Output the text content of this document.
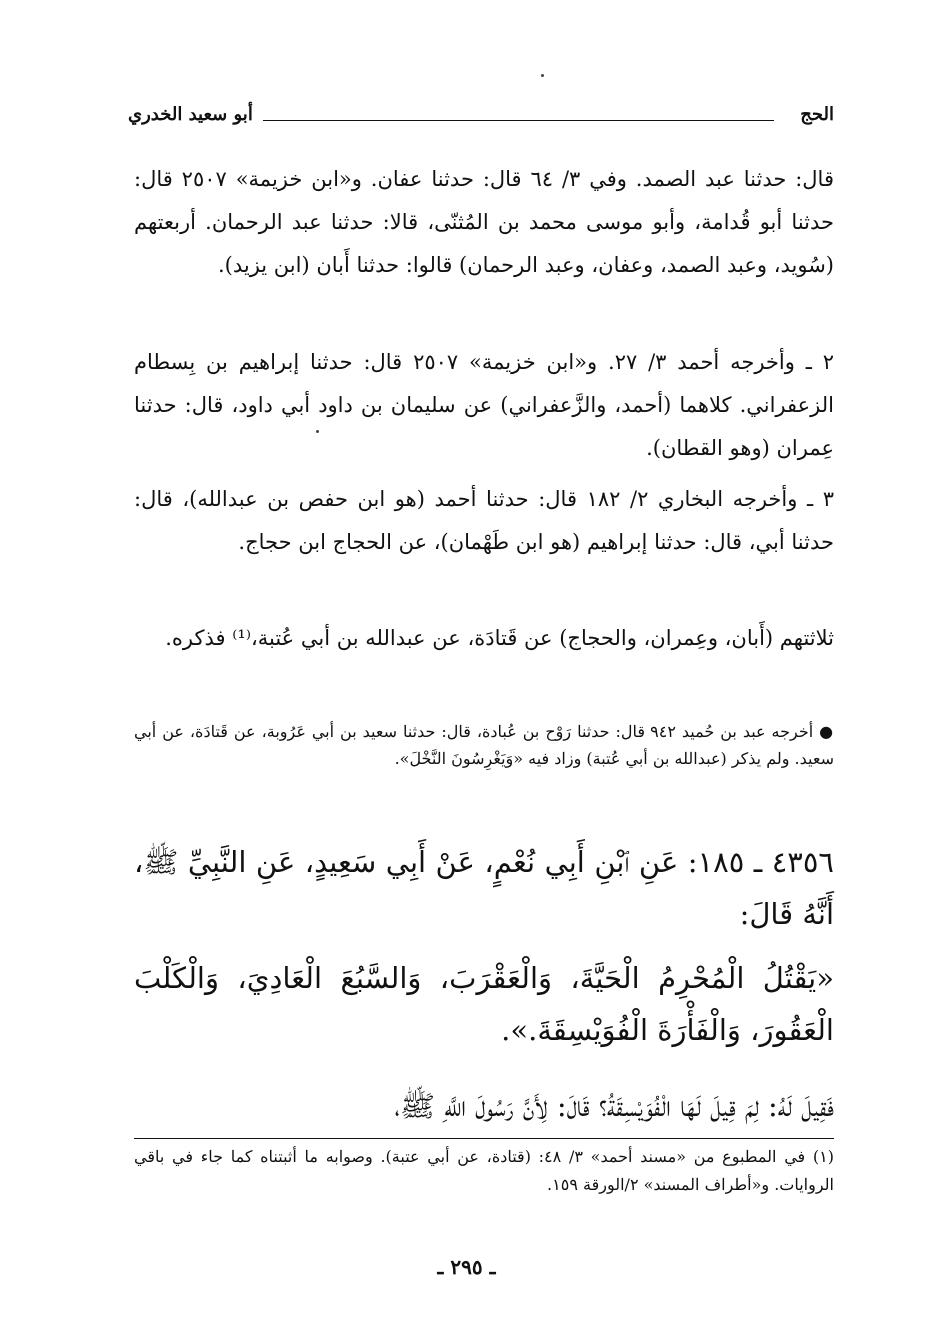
الحج
أبو سعيد الخدري

قال: حدثنا عبد الصمد. وفي ٣/ ٦٤ قال: حدثنا عفان. و«ابن خزيمة» ٢٥٠٧ قال: حدثنا أبو قُدامة، وأبو موسى محمد بن المُثنّى، قالا: حدثنا عبد الرحمان. أربعتهم (سُويد، وعبد الصمد، وعفان، وعبد الرحمان) قالوا: حدثنا أَبان (ابن يزيد).

٢ ـ وأخرجه أحمد ٣/ ٢٧. و«ابن خزيمة» ٢٥٠٧ قال: حدثنا إبراهيم بن بِسطام الزعفراني. كلاهما (أحمد، والزَّعفراني) عن سليمان بن داود أبي داود، قال: حدثنا عِمران (وهو القطان).

٣ ـ وأخرجه البخاري ٢/ ١٨٢ قال: حدثنا أحمد (هو ابن حفص بن عبدالله)، قال: حدثنا أبي، قال: حدثنا إبراهيم (هو ابن طَهْمان)، عن الحجاج ابن حجاج.

ثلاثتهم (أَبان، وعِمران، والحجاج) عن قَتادَة، عن عبدالله بن أبي عُتبة،⁽¹⁾ فذكره.

● أخرجه عبد بن حُميد ٩٤٢ قال: حدثنا رَوْح بن عُبادة، قال: حدثنا سعيد بن أبي عَرُوبة، عن قَتادَة، عن أبي سعيد. ولم يذكر (عبدالله بن أبي عُتبة) وزاد فيه «وَيَغْرِسُونَ النَّخْلَ».

٤٣٥٦ ـ ١٨٥: عَنِ ٱبْنِ أَبِي نُعْمٍ، عَنْ أَبِي سَعِيدٍ، عَنِ النَّبِيِّ ﷺ، أَنَّهُ قَالَ:

«يَقْتُلُ الْمُحْرِمُ الْحَيَّةَ، وَالْعَقْرَبَ، وَالسَّبُعَ الْعَادِيَ، وَالْكَلْبَ الْعَقُورَ، وَالْفَأْرَةَ الْفُوَيْسِقَةَ.».

فَقِيلَ لَهُ: لِمَ قِيلَ لَهَا الْفُوَيْسِقَةُ؟ قَالَ: لِأَنَّ رَسُولَ اللَّهِ ﷺ،

(١) في المطبوع من «مسند أحمد» ٣/ ٤٨: (قتادة، عن أبي عتبة). وصوابه ما أثبتناه كما جاء في باقي الروايات. و«أطراف المسند» ٢/الورقة ١٥٩.

ـ ٢٩٥ ـ
